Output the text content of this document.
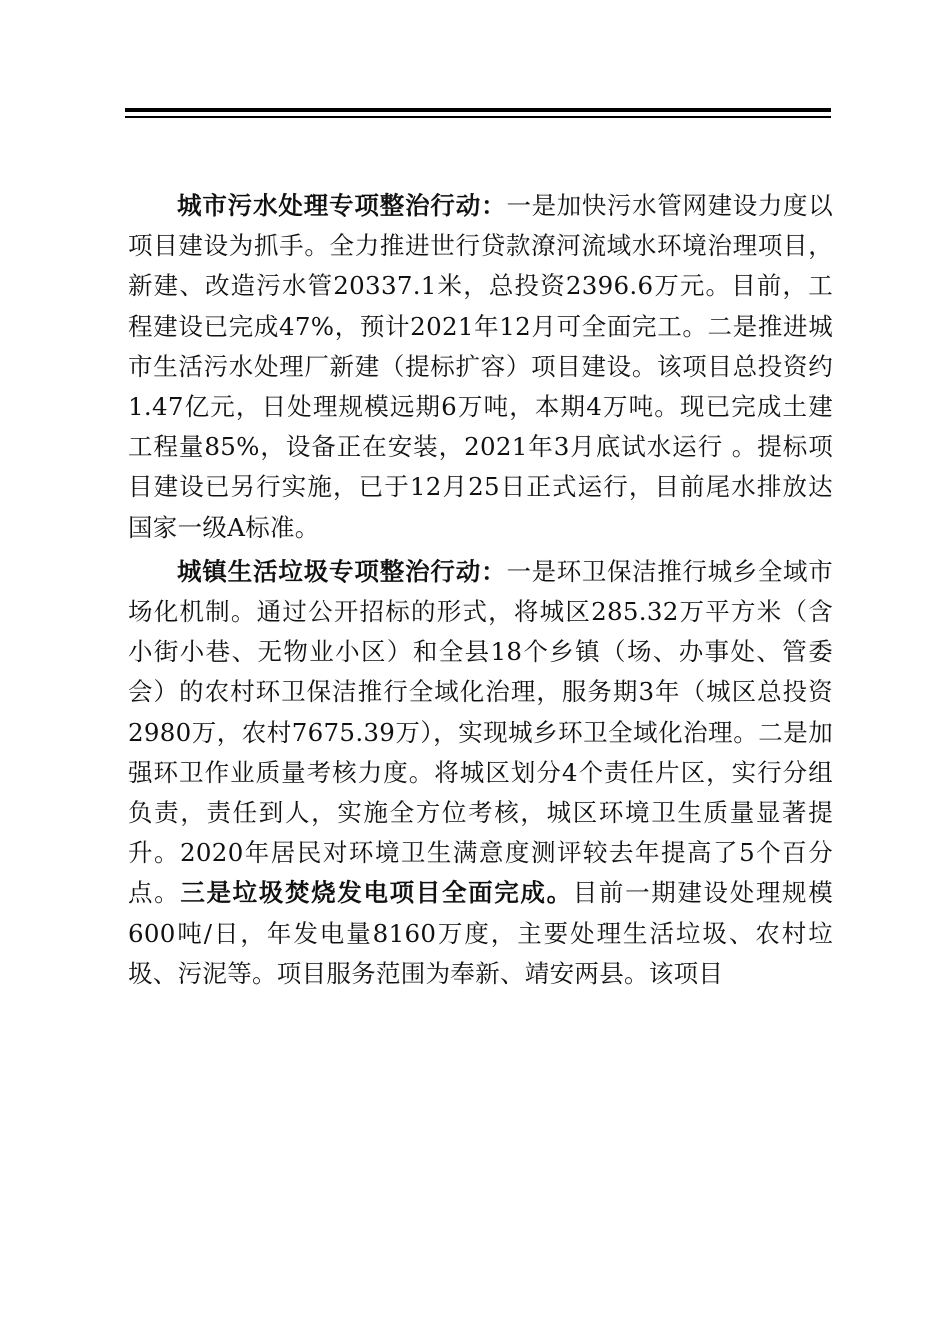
城市污水处理专项整治行动：一是加快污水管网建设力度以项目建设为抓手。全力推进世行贷款潦河流域水环境治理项目，新建、改造污水管20337.1米，总投资2396.6万元。目前，工程建设已完成47%，预计2021年12月可全面完工。二是推进城市生活污水处理厂新建（提标扩容）项目建设。该项目总投资约1.47亿元，日处理规模远期6万吨，本期4万吨。现已完成土建工程量85%，设备正在安装，2021年3月底试水运行 。提标项目建设已另行实施，已于12月25日正式运行，目前尾水排放达国家一级A标准。

城镇生活垃圾专项整治行动：一是环卫保洁推行城乡全域市场化机制。通过公开招标的形式，将城区285.32万平方米（含小街小巷、无物业小区）和全县18个乡镇（场、办事处、管委会）的农村环卫保洁推行全域化治理，服务期3年（城区总投资2980万，农村7675.39万），实现城乡环卫全域化治理。二是加强环卫作业质量考核力度。将城区划分4个责任片区，实行分组负责，责任到人，实施全方位考核，城区环境卫生质量显著提升。2020年居民对环境卫生满意度测评较去年提高了5个百分点。三是垃圾焚烧发电项目全面完成。目前一期建设处理规模600吨/日，年发电量8160万度，主要处理生活垃圾、农村垃圾、污泥等。项目服务范围为奉新、靖安两县。该项目
